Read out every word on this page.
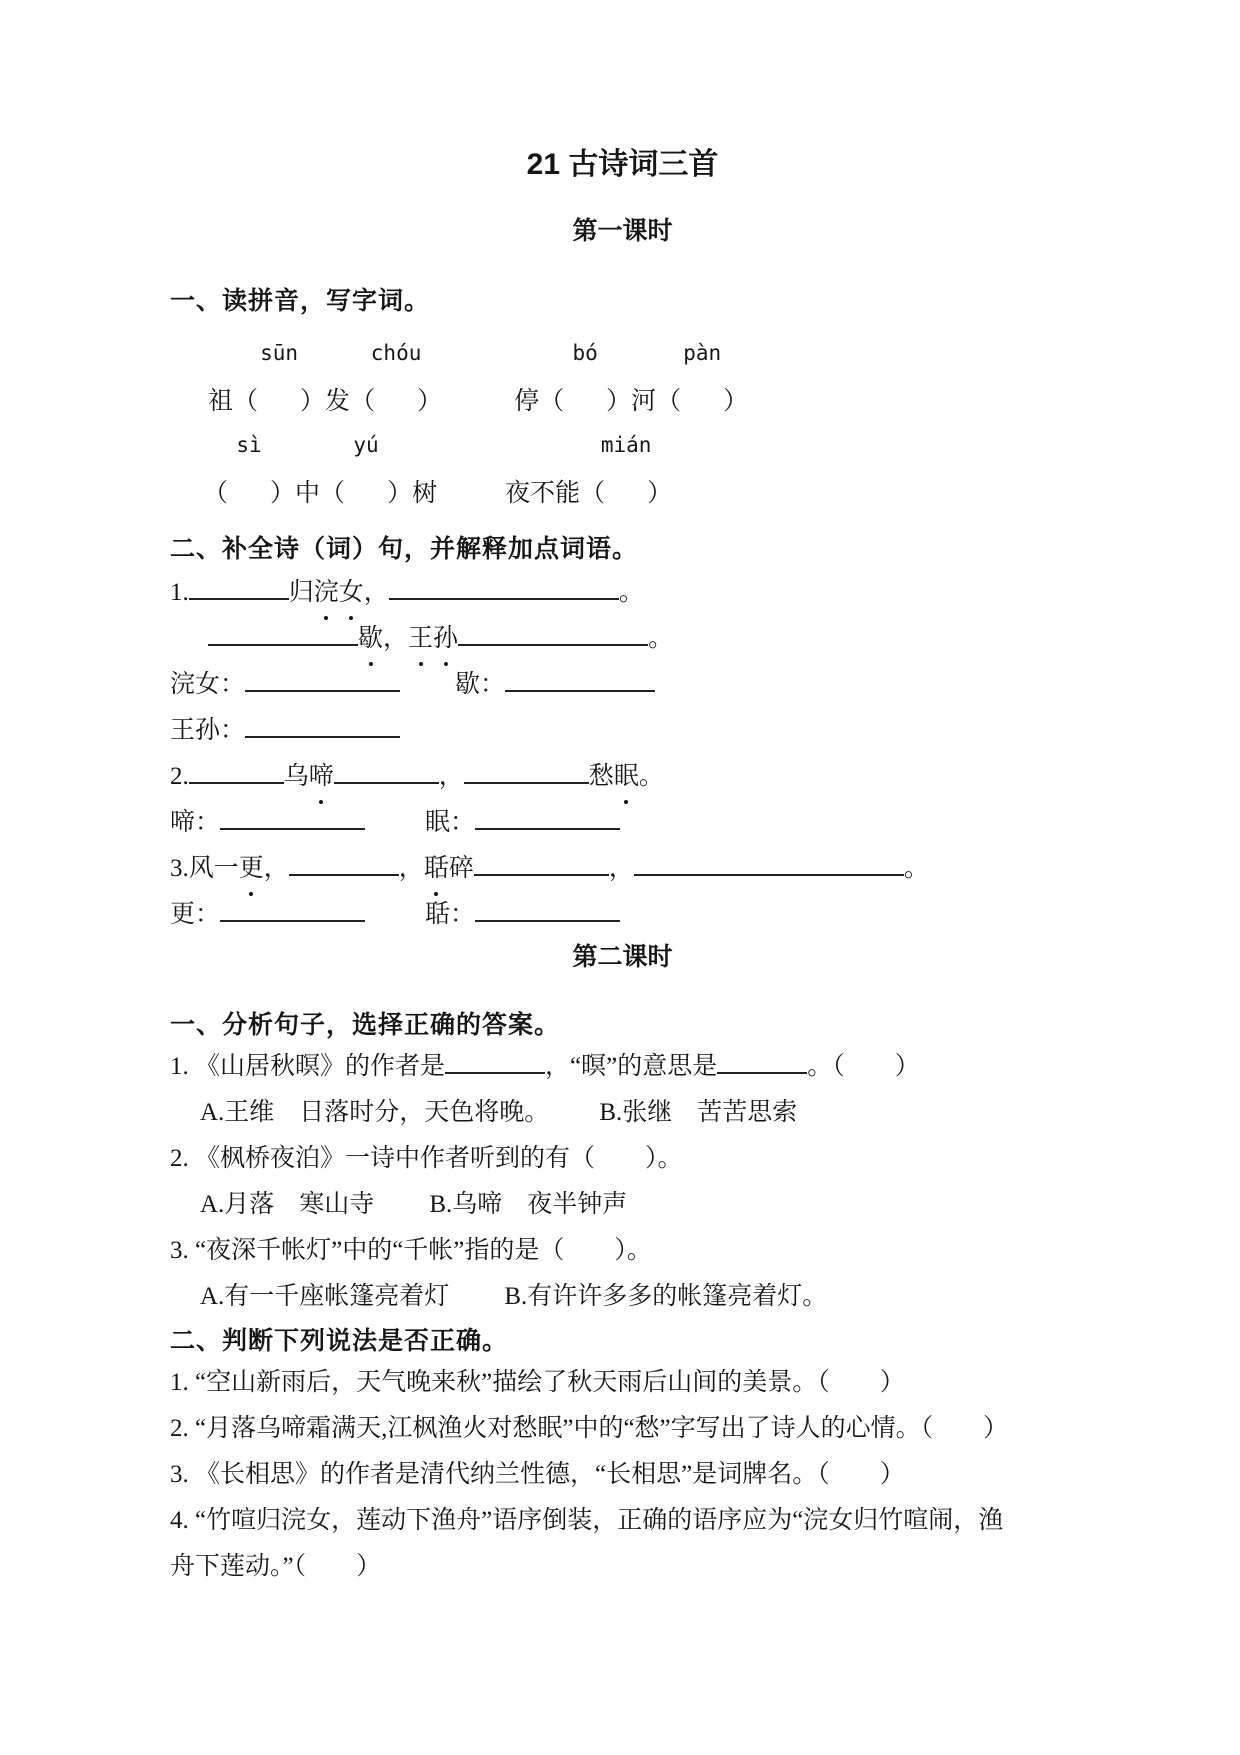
21 古诗词三首
第一课时
一、读拼音，写字词。
祖
sūn
（ ）发
chóu
（ ）	停
bó
（ ）河
pàn
（ ）
sì
（ ）中
yú
（ ）树	夜不能
mián
（ ）
二、补全诗（词）句，并解释加点词语。
1.	归浣女，	。
歇，王孙	。
浣女：	歇：
王孙：
2.	乌啼	，	愁眠。
啼：	眠：
3.风一更，	，聒碎	，	。
更：	聒：
第二课时
一、分析句子，选择正确的答案。
1. 《山居秋暝》的作者是	，“暝”的意思是	。（　　）
A.王维　日落时分，天色将晚。 B.张继　苦苦思索
2. 《枫桥夜泊》一诗中作者听到的有（　　）。
A.月落　寒山寺 B.乌啼　夜半钟声
3. “夜深千帐灯”中的“千帐”指的是（　　）。
A.有一千座帐篷亮着灯 B.有许许多多的帐篷亮着灯。
二、判断下列说法是否正确。
1. “空山新雨后，天气晚来秋”描绘了秋天雨后山间的美景。（　　）
2. “月落乌啼霜满天,江枫渔火对愁眠”中的“愁”字写出了诗人的心情。（　　）
3. 《长相思》的作者是清代纳兰性德，“长相思”是词牌名。（　　）
4. “竹喧归浣女，莲动下渔舟”语序倒装，正确的语序应为“浣女归竹喧闹，渔
舟下莲动。”（　　）
